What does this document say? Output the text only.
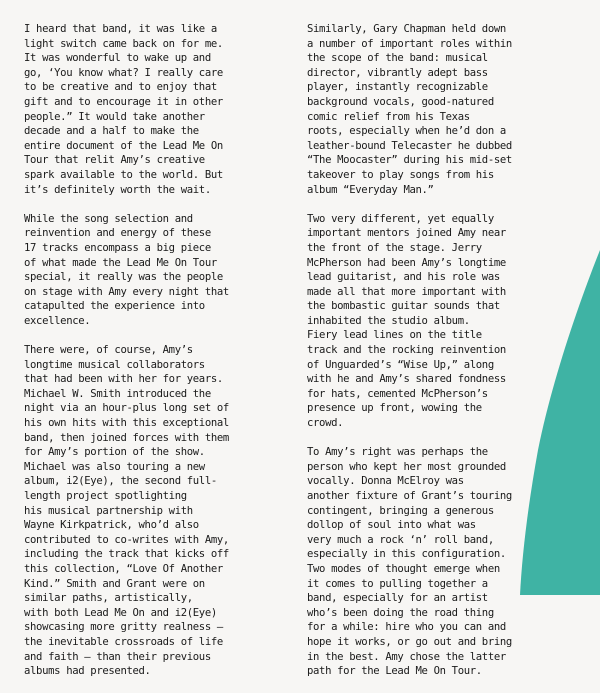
I heard that band, it was like a
light switch came back on for me.
It was wonderful to wake up and
go, ‘You know what? I really care
to be creative and to enjoy that
gift and to encourage it in other
people.” It would take another
decade and a half to make the
entire document of the Lead Me On
Tour that relit Amy’s creative
spark available to the world. But
it’s definitely worth the wait.

While the song selection and
reinvention and energy of these
17 tracks encompass a big piece
of what made the Lead Me On Tour
special, it really was the people
on stage with Amy every night that
catapulted the experience into
excellence.

There were, of course, Amy’s
longtime musical collaborators
that had been with her for years.
Michael W. Smith introduced the
night via an hour-plus long set of
his own hits with this exceptional
band, then joined forces with them
for Amy’s portion of the show.
Michael was also touring a new
album, i2(Eye), the second full-
length project spotlighting
his musical partnership with
Wayne Kirkpatrick, who’d also
contributed to co-writes with Amy,
including the track that kicks off
this collection, “Love Of Another
Kind.” Smith and Grant were on
similar paths, artistically,
with both Lead Me On and i2(Eye)
showcasing more gritty realness –
the inevitable crossroads of life
and faith – than their previous
albums had presented.

Similarly, Gary Chapman held down
a number of important roles within
the scope of the band: musical
director, vibrantly adept bass
player, instantly recognizable
background vocals, good-natured
comic relief from his Texas
roots, especially when he’d don a
leather-bound Telecaster he dubbed
“The Moocaster” during his mid-set
takeover to play songs from his
album “Everyday Man.”

Two very different, yet equally
important mentors joined Amy near
the front of the stage. Jerry
McPherson had been Amy’s longtime
lead guitarist, and his role was
made all that more important with
the bombastic guitar sounds that
inhabited the studio album.
Fiery lead lines on the title
track and the rocking reinvention
of Unguarded’s “Wise Up,” along
with he and Amy’s shared fondness
for hats, cemented McPherson’s
presence up front, wowing the
crowd.

To Amy’s right was perhaps the
person who kept her most grounded
vocally. Donna McElroy was
another fixture of Grant’s touring
contingent, bringing a generous
dollop of soul into what was
very much a rock ‘n’ roll band,
especially in this configuration.
Two modes of thought emerge when
it comes to pulling together a
band, especially for an artist
who’s been doing the road thing
for a while: hire who you can and
hope it works, or go out and bring
in the best. Amy chose the latter
path for the Lead Me On Tour.
